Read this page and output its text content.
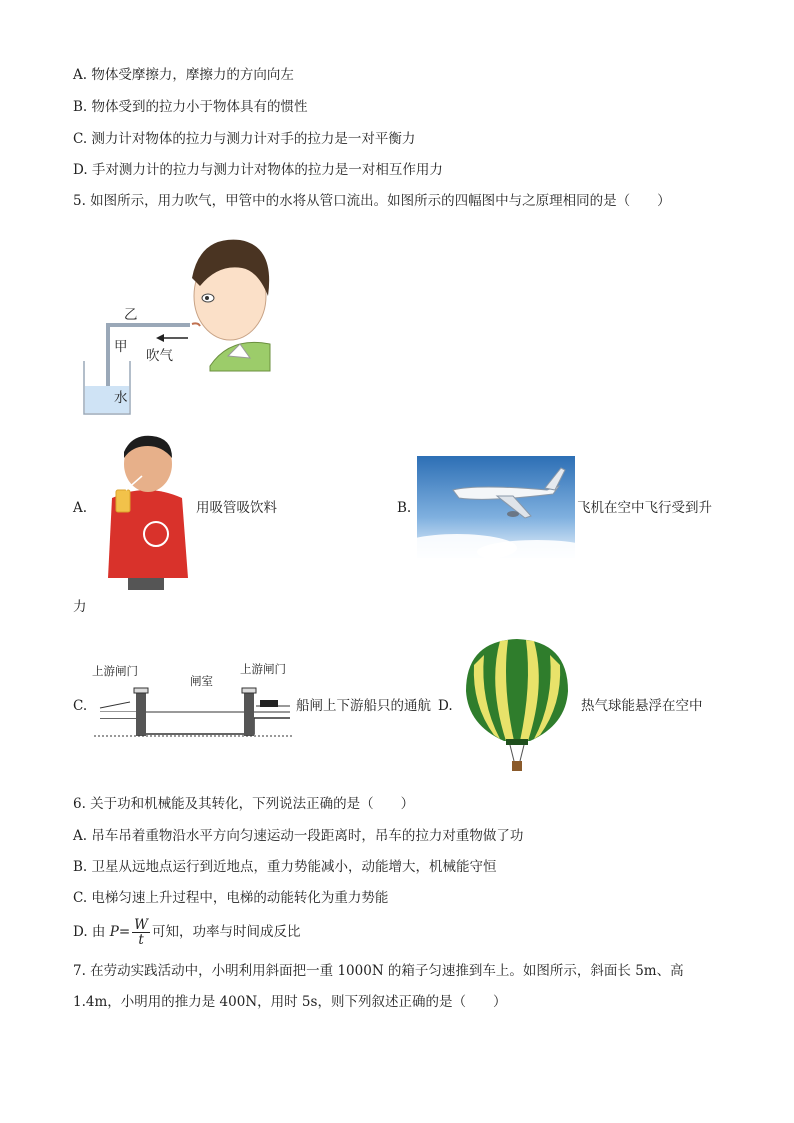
A. 物体受摩擦力，摩擦力的方向向左
B. 物体受到的拉力小于物体具有的惯性
C. 测力计对物体的拉力与测力计对手的拉力是一对平衡力
D. 手对测力计的拉力与测力计对物体的拉力是一对相互作用力
5. 如图所示，用力吹气，甲管中的水将从管口流出。如图所示的四幅图中与之原理相同的是（　　）
乙
甲
吹气
水
A.	用吸管吸饮料	B.	飞机在空中飞行受到升
力
C.
上游闸门
闸室
上游闸门
船闸上下游船只的通航 D.	热气球能悬浮在空中
6. 关于功和机械能及其转化，下列说法正确的是（　　）
A. 吊车吊着重物沿水平方向匀速运动一段距离时，吊车的拉力对重物做了功
B. 卫星从远地点运行到近地点，重力势能减小，动能增大，机械能守恒
C. 电梯匀速上升过程中，电梯的动能转化为重力势能
D. 由 $P= \frac{W}{t}$ 可知，功率与时间成反比
7. 在劳动实践活动中，小明利用斜面把一重 1000N 的箱子匀速推到车上。如图所示，斜面长 5m、高
1.4m，小明用的推力是 400N，用时 5s，则下列叙述正确的是（　　）
